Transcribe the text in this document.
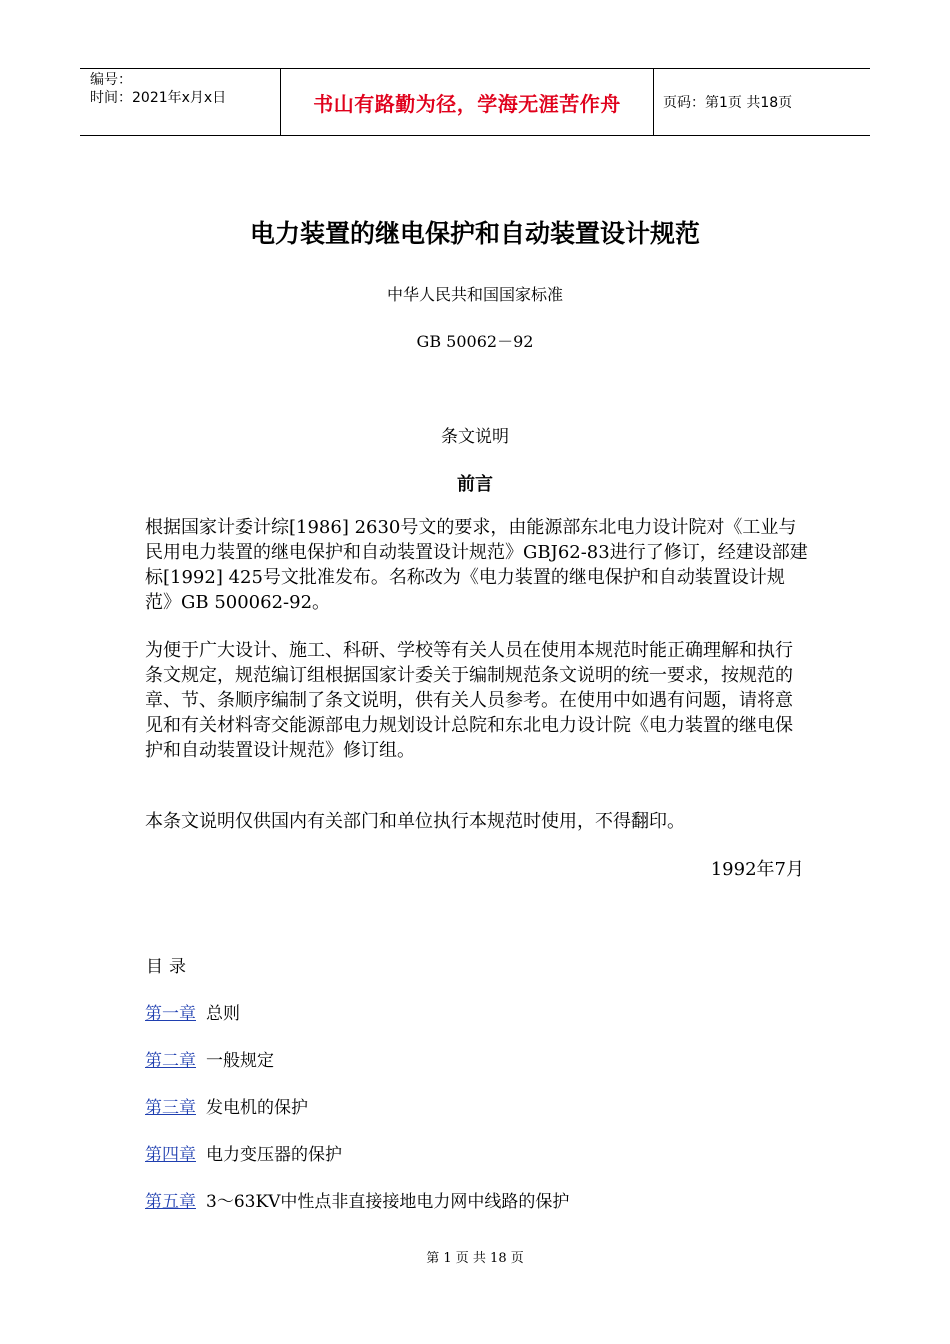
编号：
时间：2021年x月x日	书山有路勤为径，学海无涯苦作舟	页码：第1页 共18页
电力装置的继电保护和自动装置设计规范
中华人民共和国国家标准
GB 50062－92
条文说明
前言

根据国家计委计综[1986] 2630号文的要求，由能源部东北电力设计院对《工业与民用电力装置的继电保护和自动装置设计规范》GBJ62-83进行了修订，经建设部建标[1992] 425号文批准发布。名称改为《电力装置的继电保护和自动装置设计规范》GB 500062-92。

为便于广大设计、施工、科研、学校等有关人员在使用本规范时能正确理解和执行条文规定，规范编订组根据国家计委关于编制规范条文说明的统一要求，按规范的章、节、条顺序编制了条文说明，供有关人员参考。在使用中如遇有问题，请将意见和有关材料寄交能源部电力规划设计总院和东北电力设计院《电力装置的继电保护和自动装置设计规范》修订组。

本条文说明仅供国内有关部门和单位执行本规范时使用，不得翻印。

1992年7月
目录
第一章 总则
第二章 一般规定
第三章 发电机的保护
第四章 电力变压器的保护
第五章 3～63KV中性点非直接接地电力网中线路的保护
第 1 页 共 18 页
